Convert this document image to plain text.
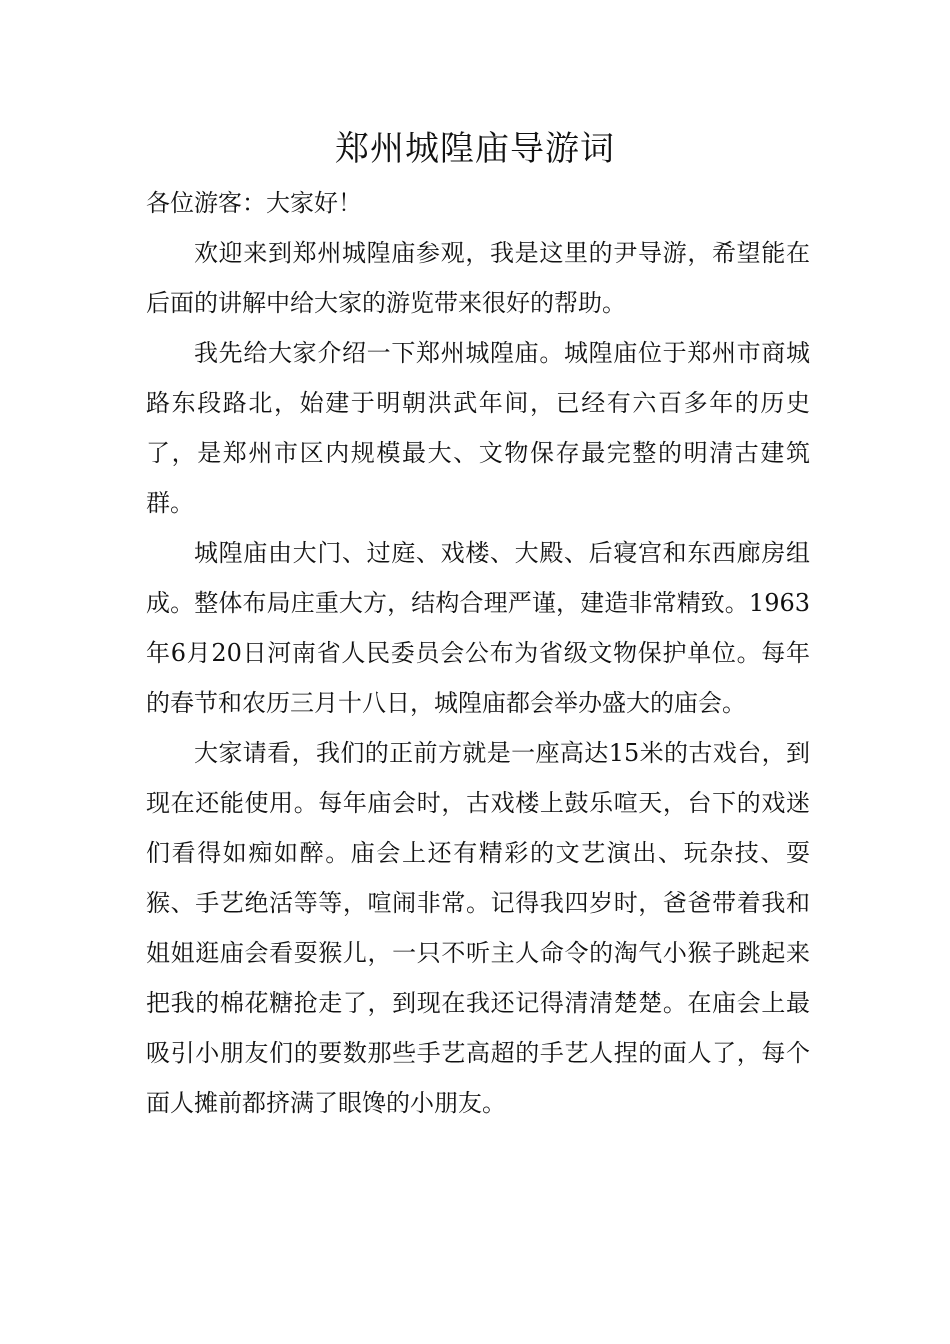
郑州城隍庙导游词

各位游客：大家好！

欢迎来到郑州城隍庙参观，我是这里的尹导游，希望能在后面的讲解中给大家的游览带来很好的帮助。

我先给大家介绍一下郑州城隍庙。城隍庙位于郑州市商城路东段路北，始建于明朝洪武年间，已经有六百多年的历史了，是郑州市区内规模最大、文物保存最完整的明清古建筑群。

城隍庙由大门、过庭、戏楼、大殿、后寝宫和东西廊房组成。整体布局庄重大方，结构合理严谨，建造非常精致。1963年6月20日河南省人民委员会公布为省级文物保护单位。每年的春节和农历三月十八日，城隍庙都会举办盛大的庙会。

大家请看，我们的正前方就是一座高达15米的古戏台，到现在还能使用。每年庙会时，古戏楼上鼓乐喧天，台下的戏迷们看得如痴如醉。庙会上还有精彩的文艺演出、玩杂技、耍猴、手艺绝活等等，喧闹非常。记得我四岁时，爸爸带着我和姐姐逛庙会看耍猴儿，一只不听主人命令的淘气小猴子跳起来把我的棉花糖抢走了，到现在我还记得清清楚楚。在庙会上最吸引小朋友们的要数那些手艺高超的手艺人捏的面人了，每个面人摊前都挤满了眼馋的小朋友。
